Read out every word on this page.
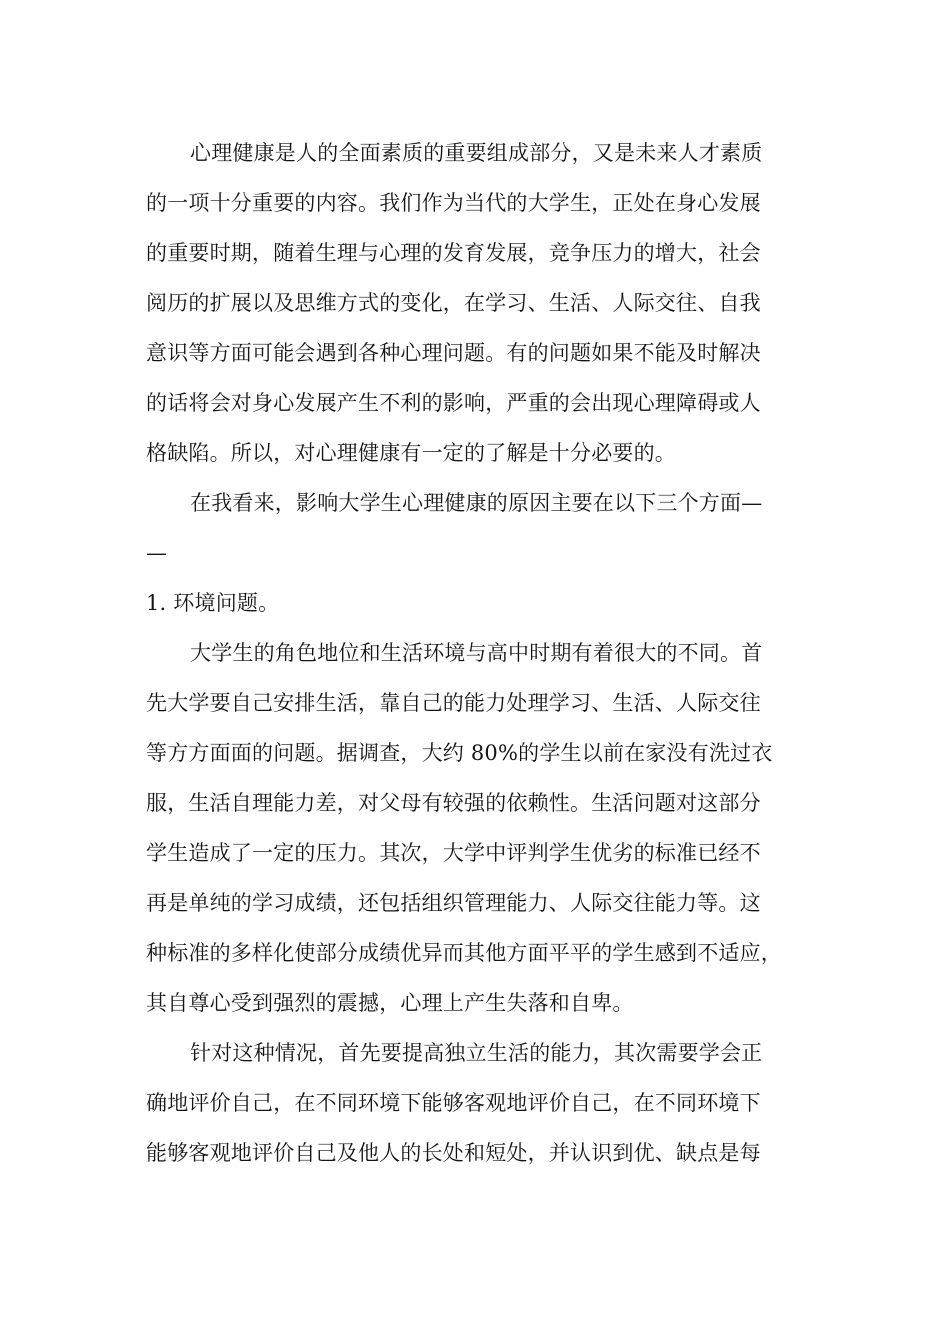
心理健康是人的全面素质的重要组成部分，又是未来人才素质

的一项十分重要的内容。我们作为当代的大学生，正处在身心发展

的重要时期，随着生理与心理的发育发展，竞争压力的增大，社会

阅历的扩展以及思维方式的变化，在学习、生活、人际交往、自我

意识等方面可能会遇到各种心理问题。有的问题如果不能及时解决

的话将会对身心发展产生不利的影响，严重的会出现心理障碍或人

格缺陷。所以，对心理健康有一定的了解是十分必要的。

在我看来，影响大学生心理健康的原因主要在以下三个方面—

—

1. 环境问题。

大学生的角色地位和生活环境与高中时期有着很大的不同。首

先大学要自己安排生活，靠自己的能力处理学习、生活、人际交往

等方方面面的问题。据调查，大约 80%的学生以前在家没有洗过衣

服，生活自理能力差，对父母有较强的依赖性。生活问题对这部分

学生造成了一定的压力。其次，大学中评判学生优劣的标准已经不

再是单纯的学习成绩，还包括组织管理能力、人际交往能力等。这

种标准的多样化使部分成绩优异而其他方面平平的学生感到不适应，

其自尊心受到强烈的震撼，心理上产生失落和自卑。

针对这种情况，首先要提高独立生活的能力，其次需要学会正

确地评价自己，在不同环境下能够客观地评价自己，在不同环境下

能够客观地评价自己及他人的长处和短处，并认识到优、缺点是每
